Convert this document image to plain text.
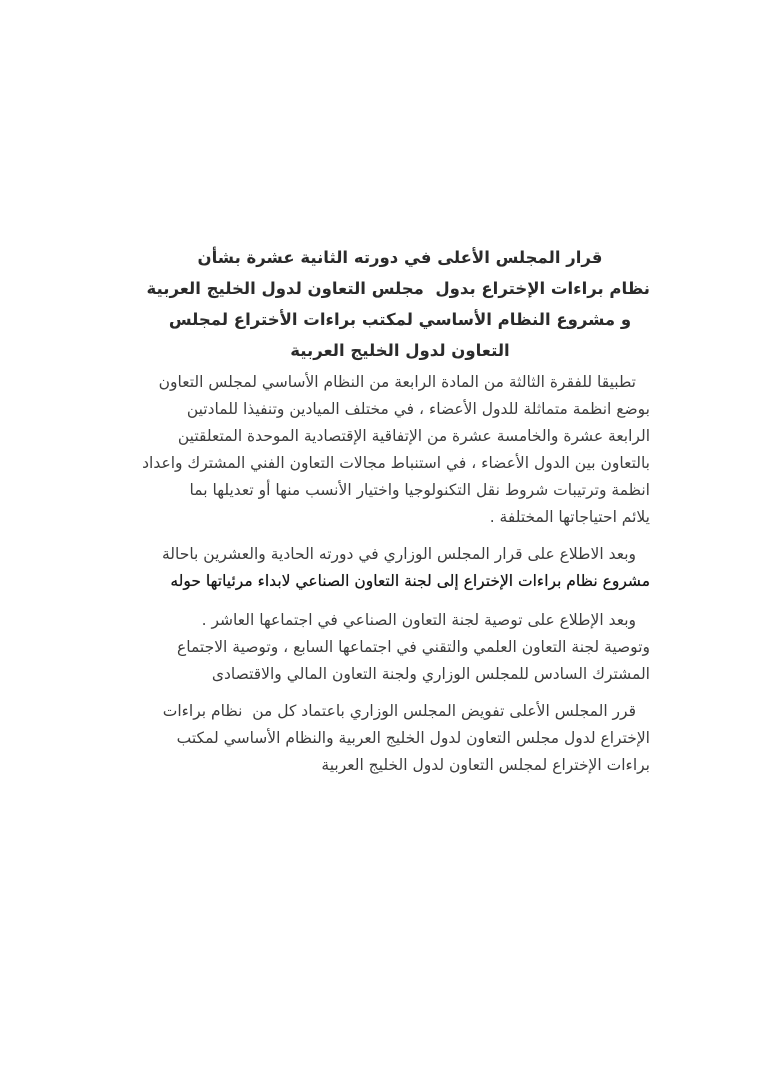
قرار المجلس الأعلى في دورته الثانية عشرة بشأن
نظام براءات الإختراع بدول  مجلس التعاون لدول الخليج العربية
و مشروع النظام الأساسي لمكتب براءات الأختراع لمجلس
التعاون لدول الخليج العربية
تطبيقا للفقرة الثالثة من المادة الرابعة من النظام الأساسي لمجلس التعاون
بوضع انظمة متماثلة للدول الأعضاء ، في مختلف الميادين وتنفيذا للمادتين
الرابعة عشرة والخامسة عشرة من الإتفاقية الإقتصادية الموحدة المتعلقتين
بالتعاون بين الدول الأعضاء ، في استنباط مجالات التعاون الفني المشترك واعداد
انظمة وترتيبات شروط نقل التكنولوجيا واختيار الأنسب منها أو تعديلها بما
يلائم احتياجاتها المختلفة .
وبعد الاطلاع على قرار المجلس الوزاري في دورته الحادية والعشرين باحالة
مشروع نظام براءات الإختراع إلى لجنة التعاون الصناعي لابداء مرئياتها حوله
وبعد الإطلاع على توصية لجنة التعاون الصناعي في اجتماعها العاشر .
وتوصية لجنة التعاون العلمي والتقني في اجتماعها السابع ، وتوصية الاجتماع
المشترك السادس للمجلس الوزاري ولجنة التعاون المالي والاقتصادى
قرر المجلس الأعلى تفويض المجلس الوزاري باعتماد كل من  نظام براءات
الإختراع لدول مجلس التعاون لدول الخليج العربية والنظام الأساسي لمكتب
براءات الإختراع لمجلس التعاون لدول الخليج العربية
